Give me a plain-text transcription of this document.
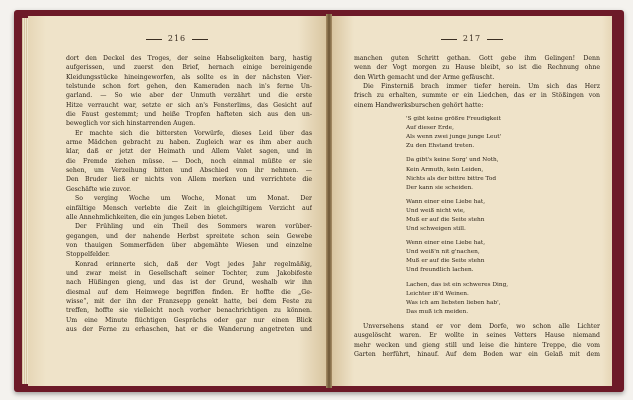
216
dort den Deckel des Troges, der seine Habseligkeiten barg, hastig
aufgerissen, und zuerst den Brief, hernach einige bereinigende
Kleidungsstücke hineingeworfen, als sollte es in der nächsten Vier-
telstunde schon fort gehen, den Kameraden nach in's ferne Un-
garland. — So wie aber der Unmuth verzährt und die erste
Hitze verraucht war, setzte er sich an's Fensterlims, das Gesicht auf
die Faust gestemmt; und heiße Tropfen hafteten sich aus den un-
beweglich vor sich hinstarrenden Augen.
Er machte sich die bittersten Vorwürfe, dieses Leid über das
arme Mädchen gebracht zu haben. Zugleich war es ihm aber auch
klar, daß er jetzt der Heimath und Allem Valet sagen, und in
die Fremde ziehen müsse. — Doch, noch einmal müßte er sie
sehen, um Verzeihung bitten und Abschied von ihr nehmen. —
Den Bruder ließ er nichts von Allem merken und verrichtete die
Geschäfte wie zuvor.
So verging Woche um Woche, Monat um Monat. Der
einfältige Mensch verlebte die Zeit in gleichgiltigem Verzicht auf
alle Annehmlichkeiten, die ein junges Leben bietet.
Der Frühling und ein Theil des Sommers waren vorüber-
gegangen, und der nahende Herbst spreitete schon sein Gewebe
von thauigen Sommerfäden über abgemähte Wiesen und einzelne
Stoppelfelder.
Konrad erinnerte sich, daß der Vogt jedes Jahr regelmäßig,
und zwar meist in Gesellschaft seiner Tochter, zum Jakobifeste
nach Hüßingen gieng, und das ist der Grund, weshalb wir ihn
diesmal auf dem Heimwege begriffen finden. Er hoffte die „Ge-
wisse“, mit der ihn der Franzsepp genekt hatte, bei dem Feste zu
treffen, hoffte sie vielleicht noch vorher benachrichtigen zu können.
Um eine Minute flüchtigen Gesprächs oder gar nur einen Blick
aus der Ferne zu erhaschen, hat er die Wanderung angetreten und
217
manchen guten Schritt gethan. Gott gebe ihm Gelingen! Denn
wenn der Vogt morgen zu Hause bleibt, so ist die Rechnung ohne
den Wirth gemacht und der Arme gefäuscht.
Die Finsterniß brach immer tiefer herein. Um sich das Herz
frisch zu erhalten, summte er ein Liedchen, das er in Stößingen von
einem Handwerksburschen gehört hatte:
'S gibt keine größre Freudigkeit
Auf dieser Erde,
Als wenn zwei junge junge Leut'
Zu den Ehstand treten.
Da gibt's keine Sorg' und Noth,
Kein Armuth, kein Leiden,
Nichts als der bittre bittre Tod
Der kann sie scheiden.
Wann einer eine Liebe hat,
Und weiß nicht wie,
Muß er auf die Seite stehn
Und schweigen still.
Wenn einer eine Liebe hat,
Und weiß'n nit g'nachen,
Muß er auf die Seite stehn
Und freundlich lachen.
Lachen, das ist ein schweres Ding,
Leichter iß'd Weinen.
Was ich am liebsten lieben hab',
Das muß ich meiden.
Unversehens stand er vor dem Dorfe, wo schon alle Lichter
ausgelöscht waren. Er wollte in seines Vetters Hause niemand
mehr wecken und gieng still und leise die hintere Treppe, die vom
Garten herführt, hinauf. Auf dem Boden war ein Gelaß mit dem
